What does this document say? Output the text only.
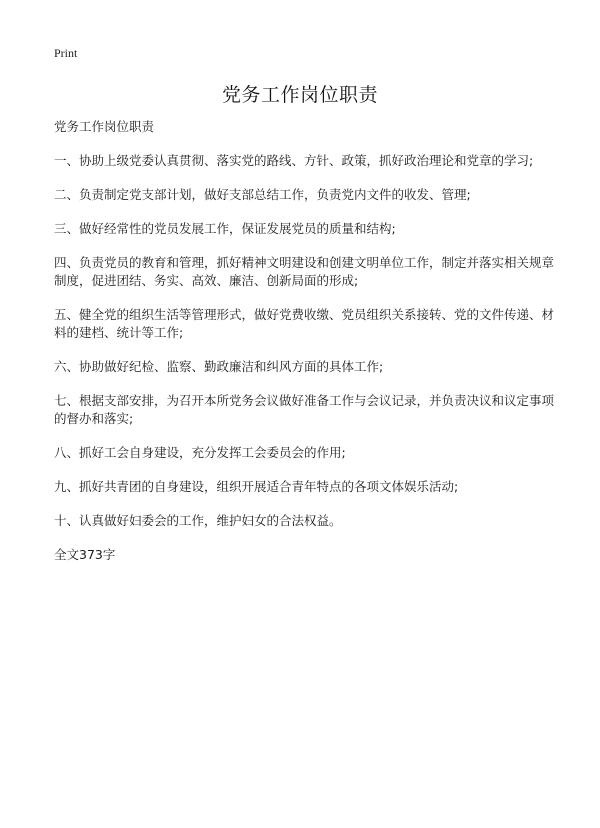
Print
党务工作岗位职责

党务工作岗位职责

一、协助上级党委认真贯彻、落实党的路线、方针、政策，抓好政治理论和党章的学习;

二、负责制定党支部计划，做好支部总结工作，负责党内文件的收发、管理;

三、做好经常性的党员发展工作，保证发展党员的质量和结构;

四、负责党员的教育和管理，抓好精神文明建设和创建文明单位工作，制定并落实相关规章制度，促进团结、务实、高效、廉洁、创新局面的形成;

五、健全党的组织生活等管理形式，做好党费收缴、党员组织关系接转、党的文件传递、材料的建档、统计等工作;

六、协助做好纪检、监察、勤政廉洁和纠风方面的具体工作;

七、根据支部安排，为召开本所党务会议做好准备工作与会议记录，并负责决议和议定事项的督办和落实;

八、抓好工会自身建设，充分发挥工会委员会的作用;

九、抓好共青团的自身建设，组织开展适合青年特点的各项文体娱乐活动;

十、认真做好妇委会的工作，维护妇女的合法权益。

全文373字
